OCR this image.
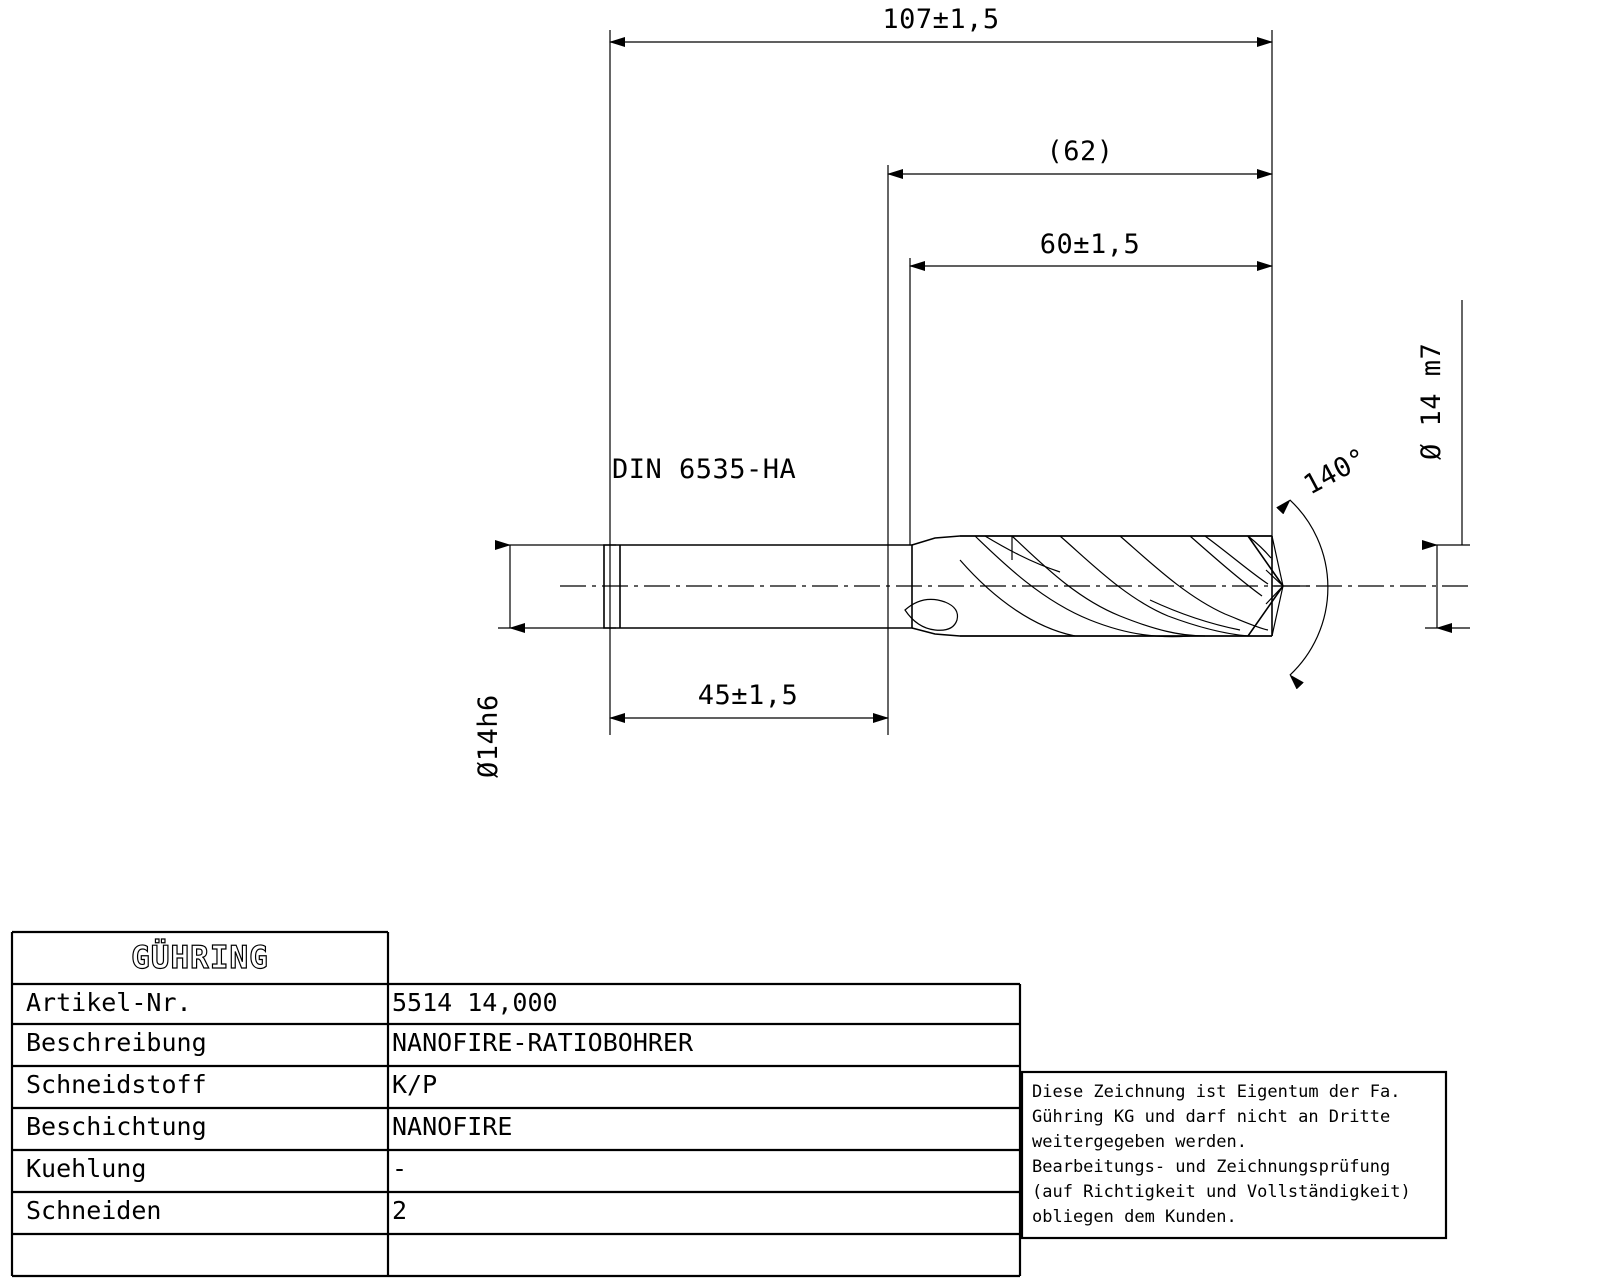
107±1,5
(62)
60±1,5
45±1,5
DIN 6535-HA
Ø14h6
Ø 14 m7
140°
GÜHRING
Artikel-Nr.	5514 14,000
Beschreibung	NANOFIRE-RATIOBOHRER
Schneidstoff	K/P
Beschichtung	NANOFIRE
Kuehlung	-
Schneiden	2
Diese Zeichnung ist Eigentum der Fa.
Gühring KG und darf nicht an Dritte
weitergegeben werden.
Bearbeitungs- und Zeichnungsprüfung
(auf Richtigkeit und Vollständigkeit)
obliegen dem Kunden.
